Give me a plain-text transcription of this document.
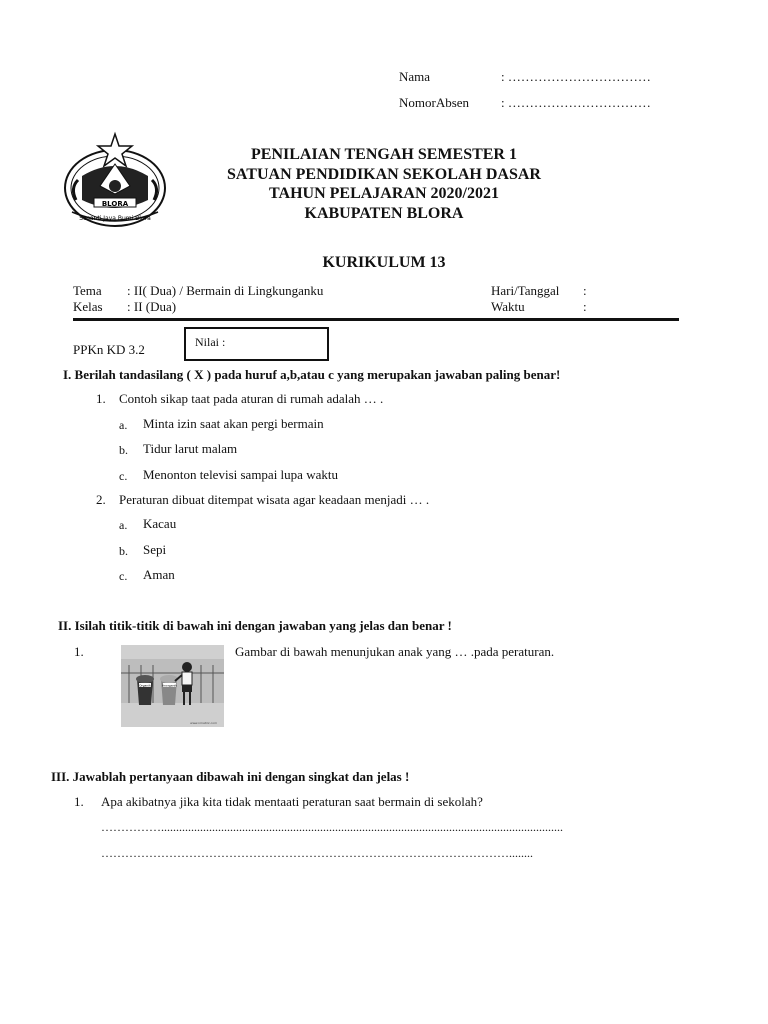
Nama	: ……………………………
NomorAbsen : ……………………………
BLORA
Sesanti Jaya Bumi Blora
PENILAIAN TENGAH SEMESTER 1
SATUAN PENDIDIKAN SEKOLAH DASAR
TAHUN PELAJARAN 2020/2021
KABUPATEN BLORA
KURIKULUM 13
Tema : II( Dua) / Bermain di Lingkunganku
Kelas : II (Dua)
Hari/Tanggal :
Waktu	:
PPKn KD 3.2	Nilai :
I. Berilah tandasilang ( X ) pada huruf a,b,atau c yang merupakan jawaban paling benar!
1. Contoh sikap taat pada aturan di rumah adalah … .
a. Minta izin saat akan pergi bermain
b. Tidur larut malam
c. Menonton televisi sampai lupa waktu
2. Peraturan dibuat ditempat wisata agar keadaan menjadi … .
a. Kacau
b. Sepi
c. Aman
II. Isilah titik-titik di bawah ini dengan jawaban yang jelas dan benar !
1.	Gambar di bawah menunjukan anak yang … .pada peraturan.
Organik	Anorganik
www.nmatriz.com
III. Jawablah pertanyaan dibawah ini dengan singkat dan jelas !
1. Apa akibatnya jika kita tidak mentaati peraturan saat bermain di sekolah?
……………......................................................................................................................................
…………………………………………………………………………………………........
